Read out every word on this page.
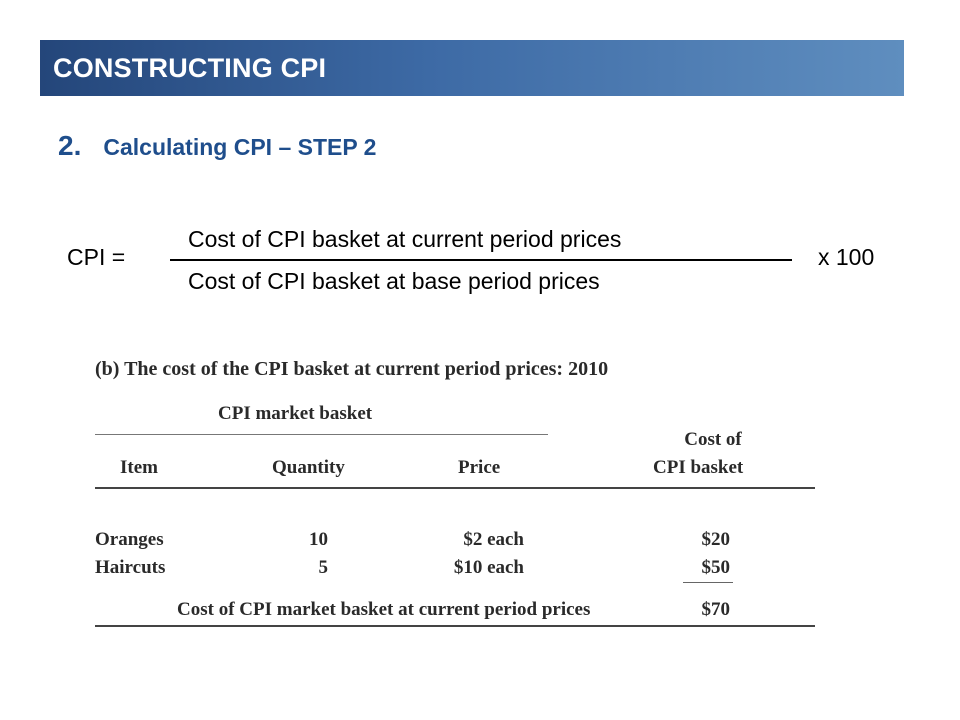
CONSTRUCTING CPI
2. Calculating CPI – STEP 2
CPI =
Cost of CPI basket at current period prices
Cost of CPI basket at base period prices
x 100
(b) The cost of the CPI basket at current period prices: 2010
CPI market basket
Cost of
CPI basket
Item	Quantity	Price
Oranges	10	$2 each	$20
Haircuts	5	$10 each	$50
Cost of CPI market basket at current period prices	$70
